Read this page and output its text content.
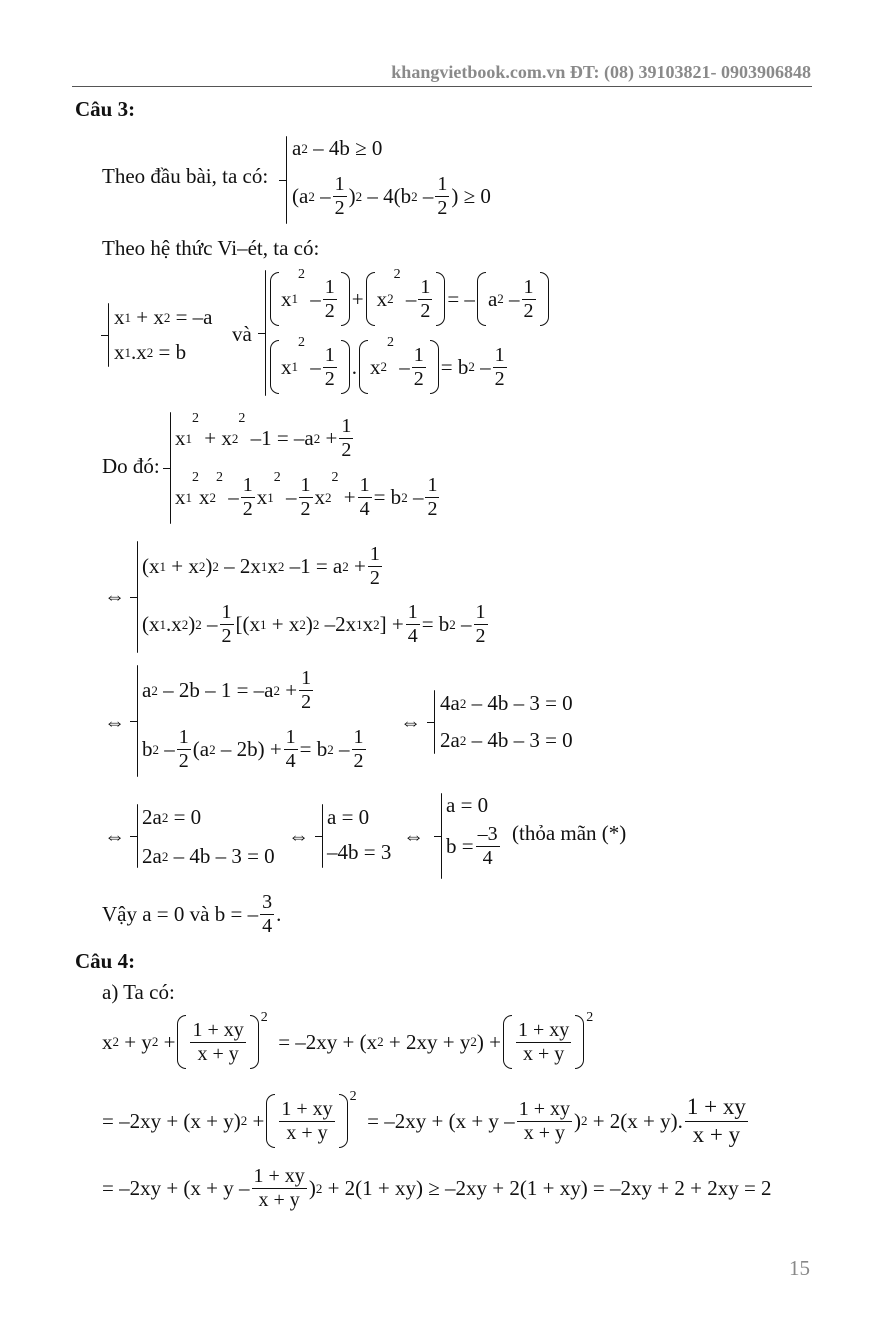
khangvietbook.com.vn ĐT: (08) 39103821- 0903906848
Câu 3:
Theo đầu bài, ta có:
a 2 – 4b ≥ 0
(a $2 - \frac{1}{2}$ ) 2 – 4(b $2 - \frac{1}{2}$ ) ≥ 0
Theo hệ thức Vi–ét, ta có:
x 1 + x 2 = –a
x 1 .x 2 = b
và
x 1
2
– $\frac{1}{2} + x$ 2
2
– $\frac{1}{2}$ = – a $2 - \frac{1}{2}$
x 1
2
– $\frac{1}{2}$ . x 2
2
– $\frac{1}{2} = b$ $2 - \frac{1}{2}$
Do đó:
x 1
2
+ x 2
2
–1 = –a $2 + \frac{1}{2}$
x 1
2
x 2
2
– $\frac{1}{2}$ x 1
2
– $\frac{1}{2}$ x 2
2
+ $\frac{1}{4} = b$ $2 - \frac{1}{2}$
⇔
(x 1 + x 2 ) 2 – 2x 1 x 2 –1 = a $2 + \frac{1}{2}$
(x 1 .x 2 ) $2 - \frac{1}{2} [(x$ 1 + x 2 ) 2 –2x 1 x 2 ] + $\frac{1}{4} = b$ $2 - \frac{1}{2}$
⇔
a 2 – 2b – 1 = –a $2 + \frac{1}{2}$
b $2 - \frac{1}{2} (a$ $2 - 2b) + \frac{1}{4} = b$ $2 - \frac{1}{2}$
⇔
4a 2 – 4b – 3 = 0
2a 2 – 4b – 3 = 0
⇔
2a 2 = 0
2a 2 – 4b – 3 = 0
⇔
a = 0
–4b = 3
⇔
a = 0
$b = \frac{-3}{4}$ (thỏa mãn (*)
Vậy a = 0 và b = – $\frac{3}{4}$ .
Câu 4:
a) Ta có:
x 2 + y $2 + \frac{1 + xy}{x + y}$
2
= –2xy + (x 2 + 2xy + y 2 ) + $\frac{1 + xy}{x + y}$
2
= –2xy + (x + y) $2 + \frac{1 + xy}{x + y}$
2
= $-2xy + (x + y - \frac{1 + xy}{x + y}$ ) 2 + 2(x + y). $\frac{1 + xy}{x + y}$
= $-2xy + (x + y - \frac{1 + xy}{x + y}$ ) 2 + 2(1 + xy) ≥ –2xy + 2(1 + xy) = –2xy + 2 + 2xy = 2
15
